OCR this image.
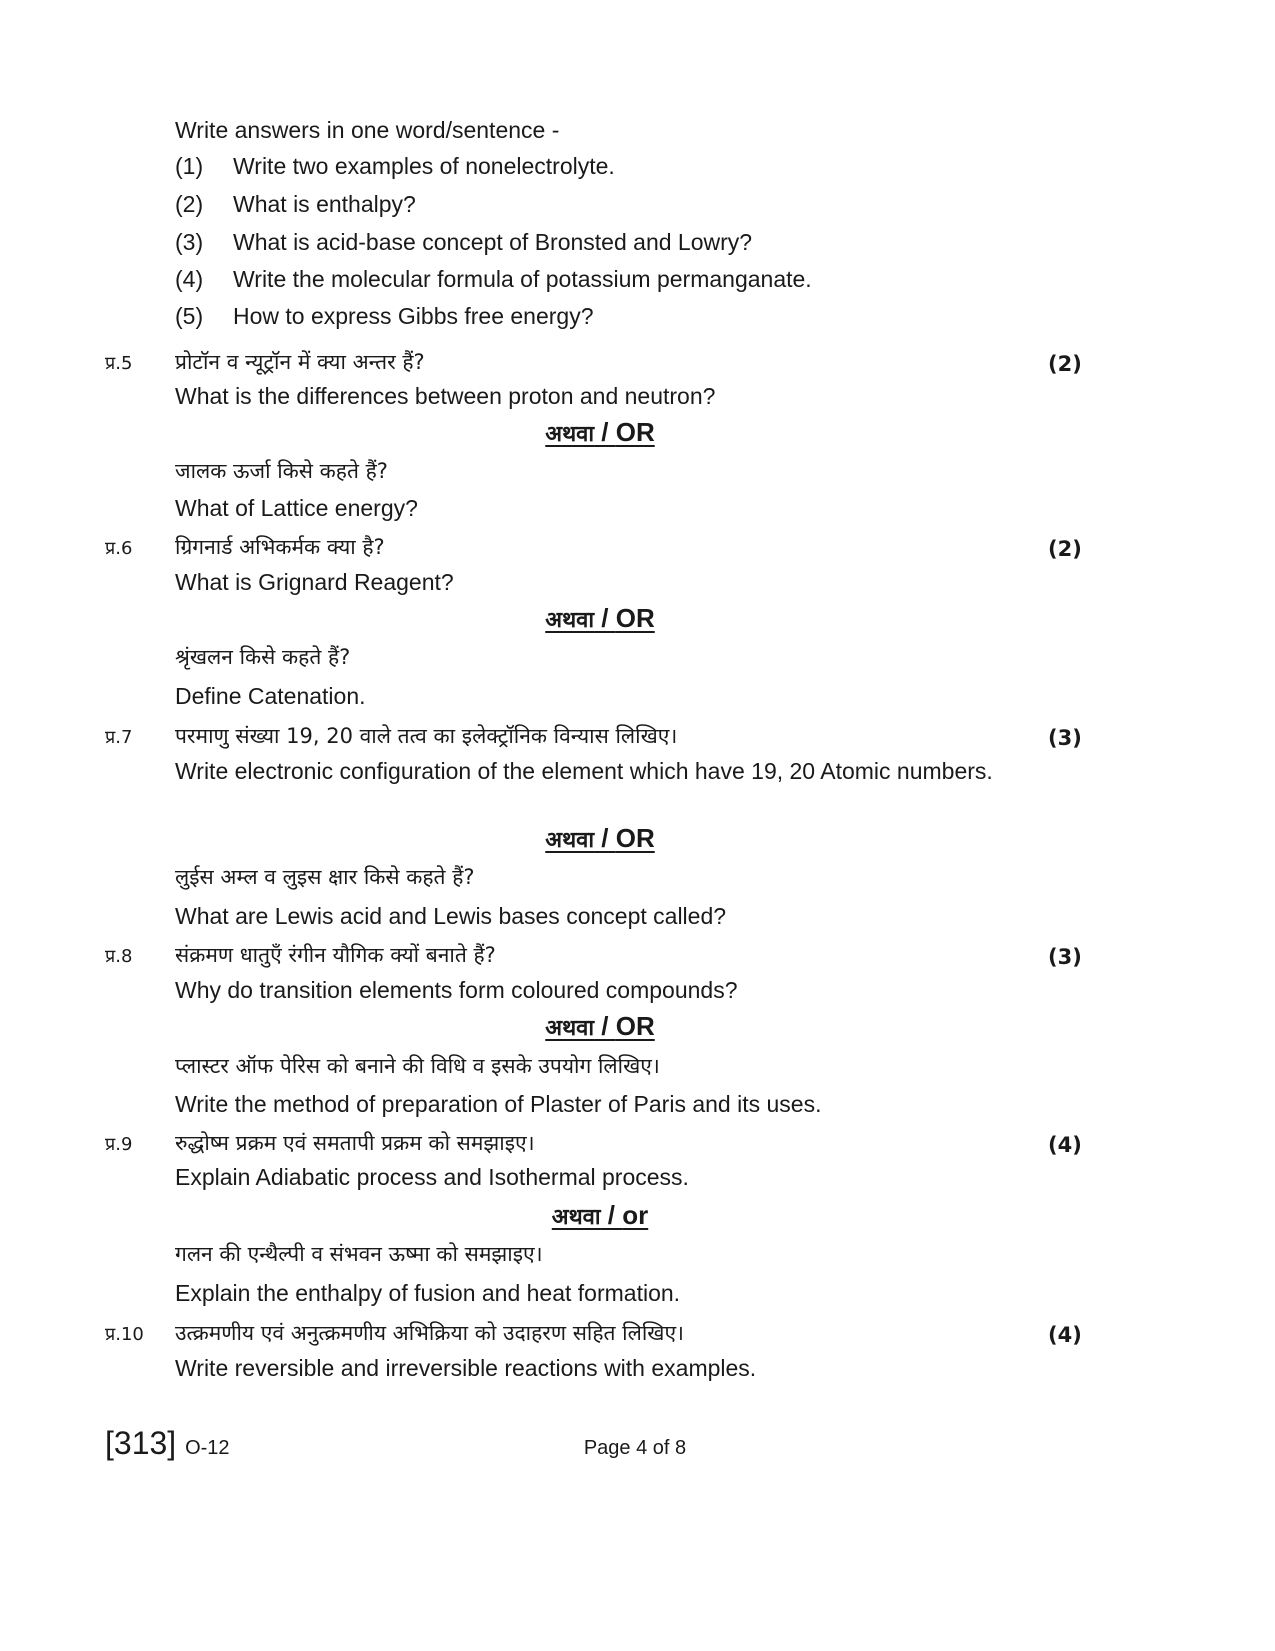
Write answers in one word/sentence -
(1) Write two examples of nonelectrolyte.
(2) What is enthalpy?
(3) What is acid-base concept of Bronsted and Lowry?
(4) Write the molecular formula of potassium permanganate.
(5) How to express Gibbs free energy?
प्र.5 प्रोटॉन व न्यूट्रॉन में क्या अन्तर हैं?	(2)
What is the differences between proton and neutron?
अथवा / OR
जालक ऊर्जा किसे कहते हैं?
What of Lattice energy?
प्र.6 ग्रिगनार्ड अभिकर्मक क्या है?	(2)
What is Grignard Reagent?
अथवा / OR
श्रृंखलन किसे कहते हैं?
Define Catenation.
प्र.7 परमाणु संख्या 19, 20 वाले तत्व का इलेक्ट्रॉनिक विन्यास लिखिए।	(3)
Write electronic configuration of the element which have 19, 20 Atomic numbers.
अथवा / OR
लुईस अम्ल व लुइस क्षार किसे कहते हैं?
What are Lewis acid and Lewis bases concept called?
प्र.8 संक्रमण धातुएँ रंगीन यौगिक क्यों बनाते हैं?	(3)
Why do transition elements form coloured compounds?
अथवा / OR
प्लास्टर ऑफ पेरिस को बनाने की विधि व इसके उपयोग लिखिए।
Write the method of preparation of Plaster of Paris and its uses.
प्र.9 रुद्धोष्म प्रक्रम एवं समतापी प्रक्रम को समझाइए।	(4)
Explain Adiabatic process and Isothermal process.
अथवा / or
गलन की एन्थैल्पी व संभवन ऊष्मा को समझाइए।
Explain the enthalpy of fusion and heat formation.
प्र.10 उत्क्रमणीय एवं अनुत्क्रमणीय अभिक्रिया को उदाहरण सहित लिखिए।	(4)
Write reversible and irreversible reactions with examples.
[313] O-12	Page 4 of 8
